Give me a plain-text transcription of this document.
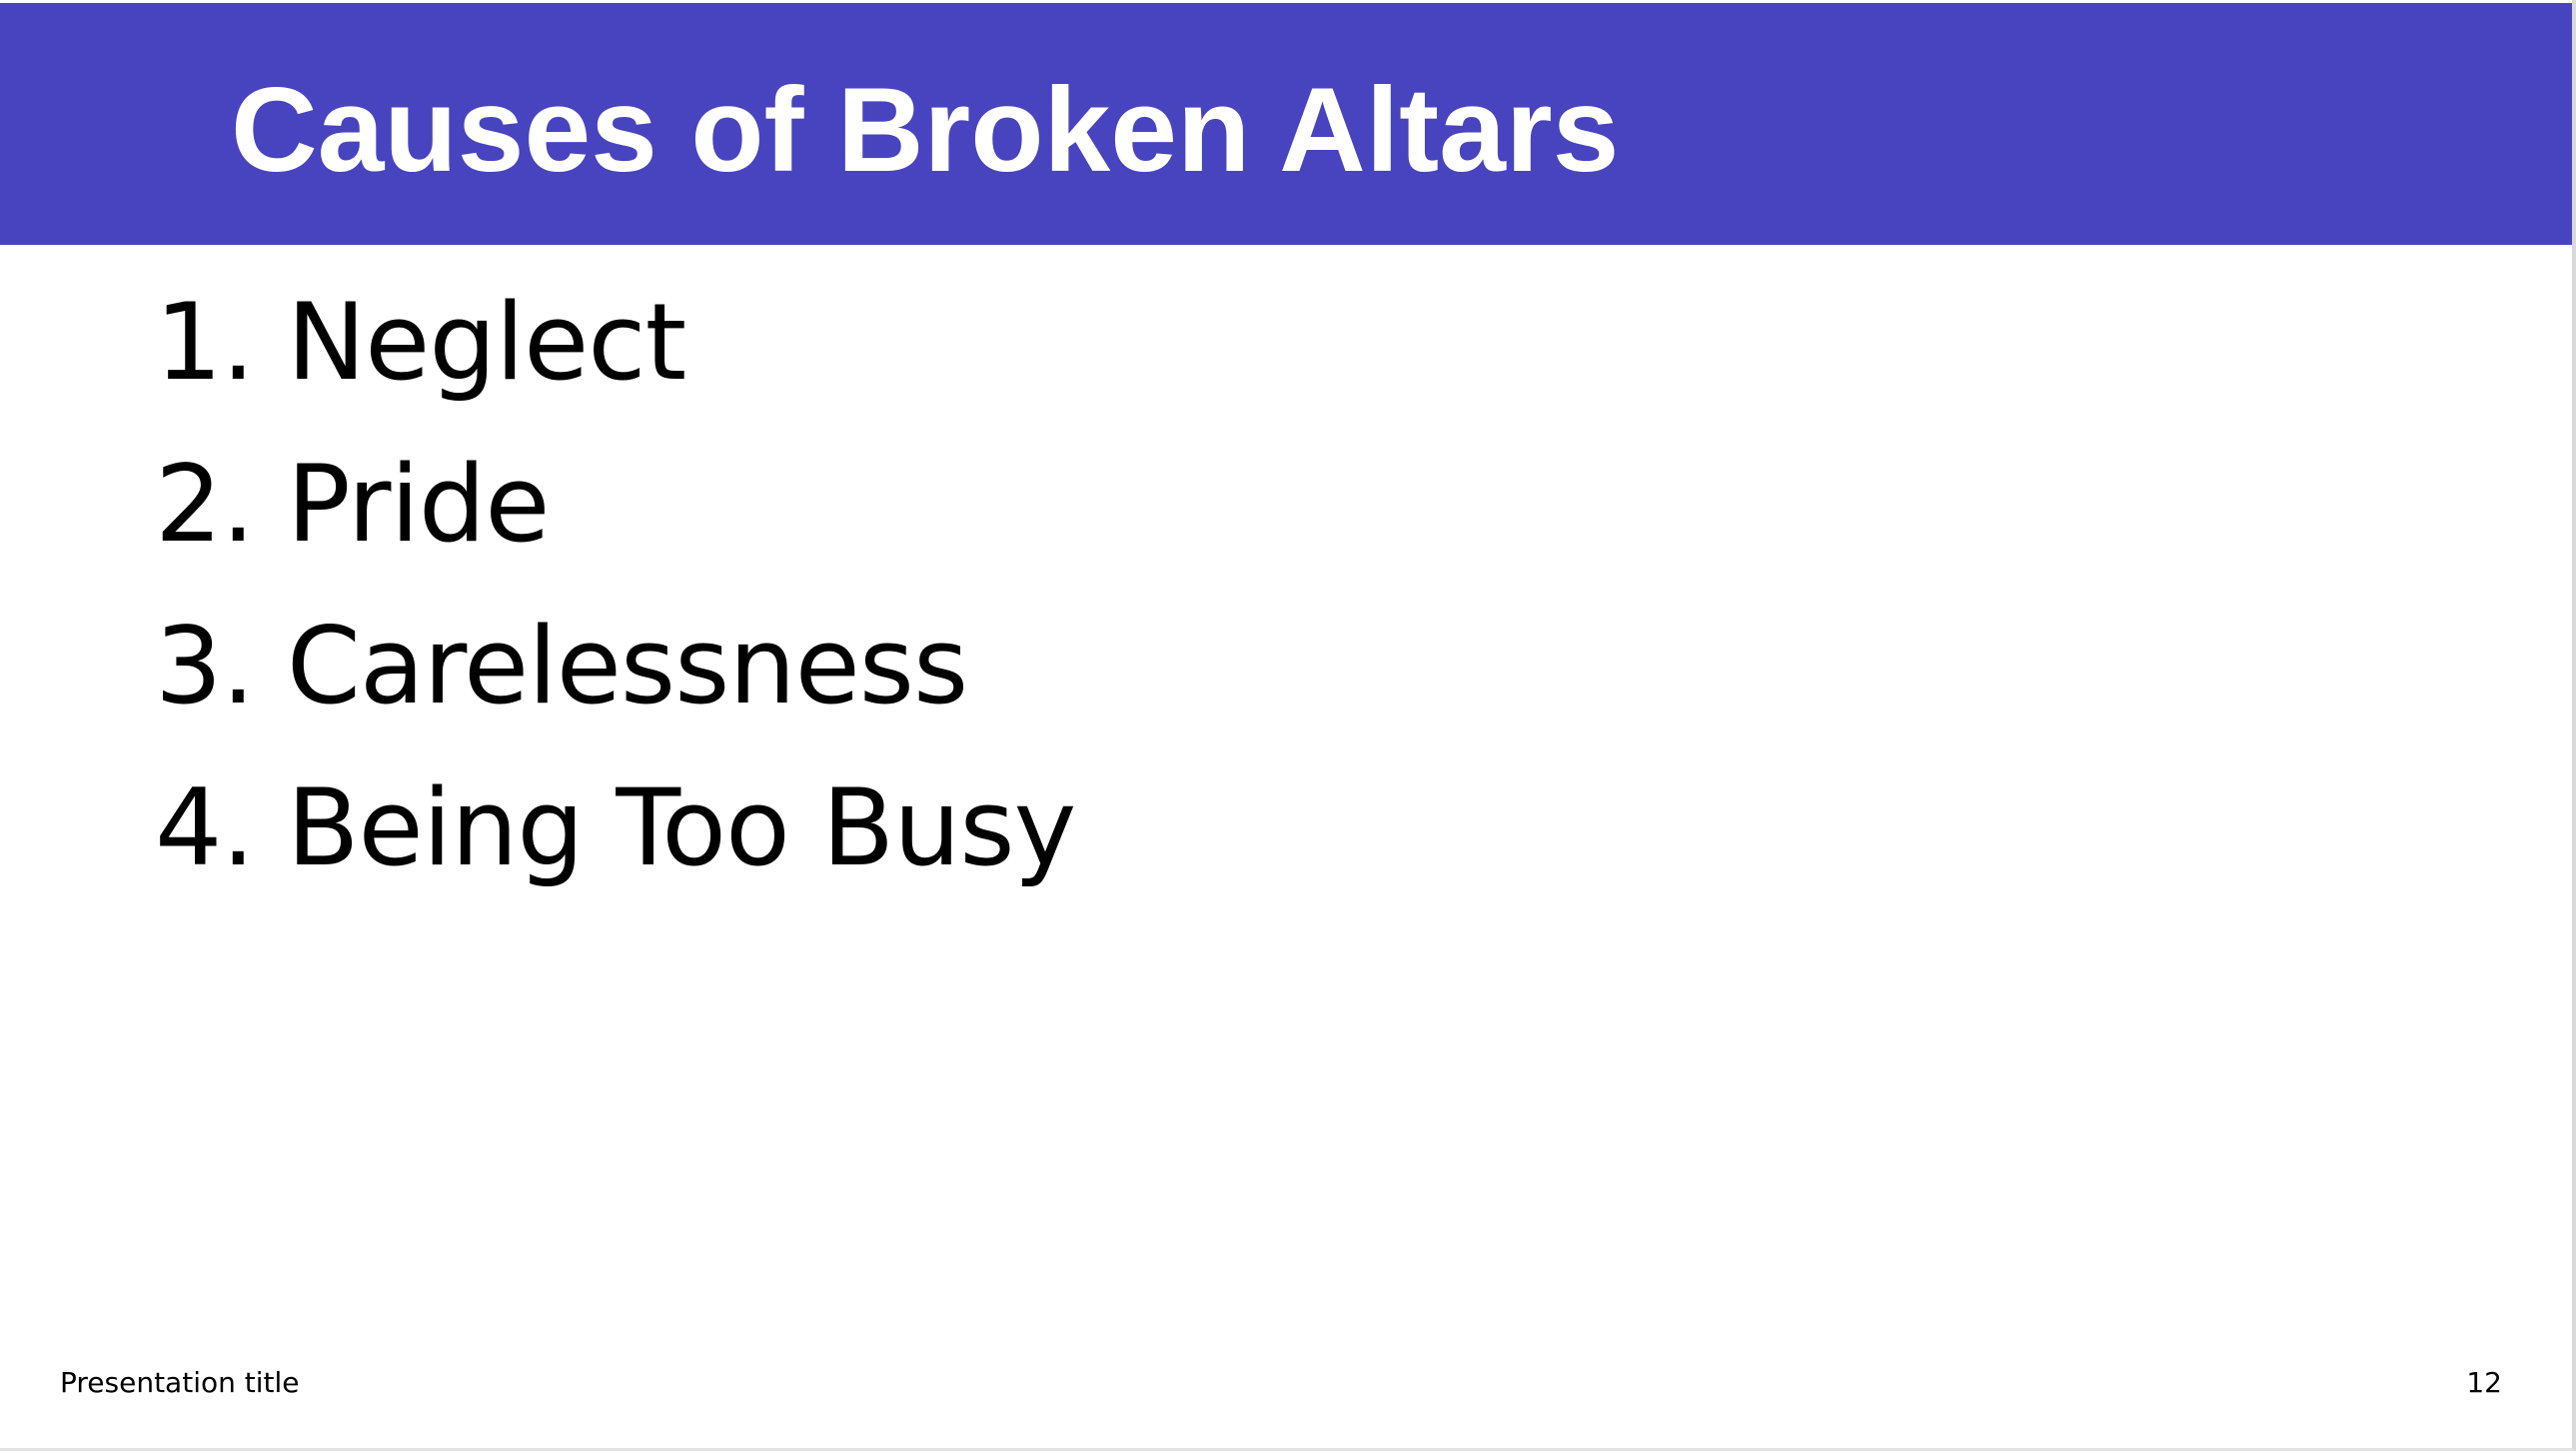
Causes of Broken Altars
1. Neglect
2. Pride
3. Carelessness
4. Being Too Busy
Presentation title	12
